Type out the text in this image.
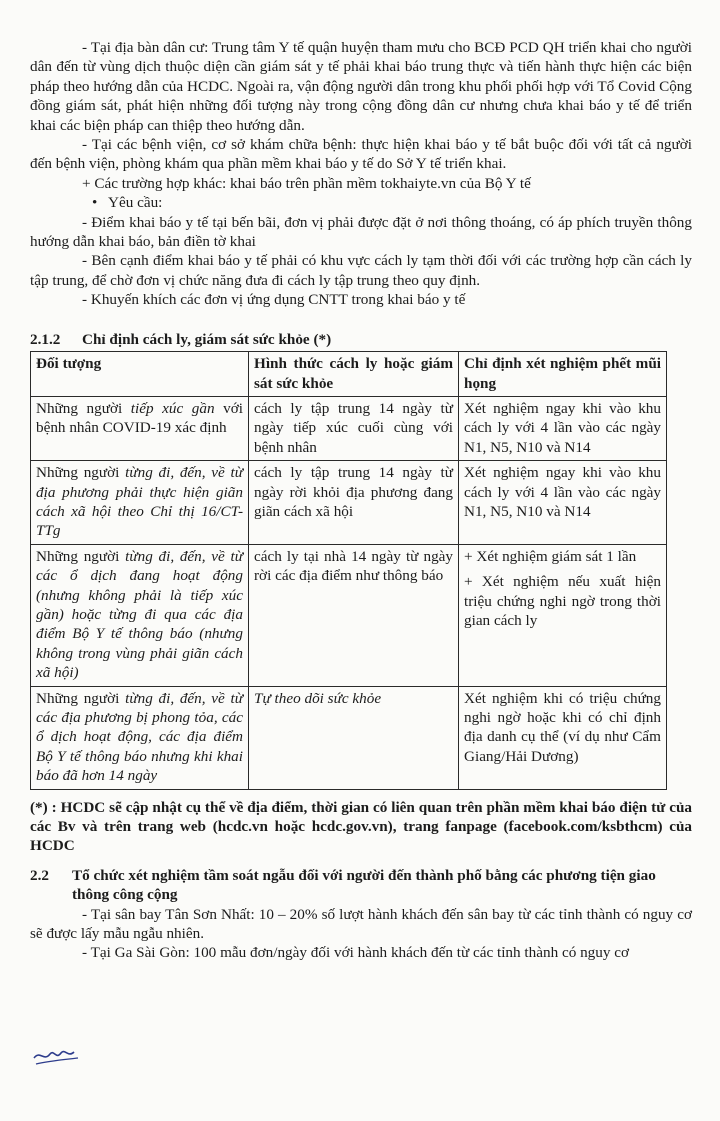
- Tại địa bàn dân cư: Trung tâm Y tế quận huyện tham mưu cho BCĐ PCD QH triển khai cho người dân đến từ vùng dịch thuộc diện cần giám sát y tế phải khai báo trung thực và tiến hành thực hiện các biện pháp theo hướng dẫn của HCDC. Ngoài ra, vận động người dân trong khu phối phối hợp với Tổ Covid Cộng đồng giám sát, phát hiện những đối tượng này trong cộng đồng dân cư nhưng chưa khai báo y tế để triển khai các biện pháp can thiệp theo hướng dẫn.

- Tại các bệnh viện, cơ sở khám chữa bệnh: thực hiện khai báo y tế bắt buộc đối với tất cả người đến bệnh viện, phòng khám qua phần mềm khai báo y tế do Sở Y tế triển khai.

+ Các trường hợp khác: khai báo trên phần mềm tokhaiyte.vn của Bộ Y tế

• Yêu cầu:

- Điểm khai báo y tế tại bến bãi, đơn vị phải được đặt ở nơi thông thoáng, có áp phích truyền thông hướng dẫn khai báo, bản điền tờ khai

- Bên cạnh điểm khai báo y tế phải có khu vực cách ly tạm thời đối với các trường hợp cần cách ly tập trung, để chờ đơn vị chức năng đưa đi cách ly tập trung theo quy định.

- Khuyến khích các đơn vị ứng dụng CNTT trong khai báo y tế

2.1.2 Chỉ định cách ly, giám sát sức khỏe (*)

Đối tượng	Hình thức cách ly hoặc giám sát sức khỏe	Chỉ định xét nghiệm phết mũi họng
Những người tiếp xúc gần với bệnh nhân COVID-19 xác định	cách ly tập trung 14 ngày từ ngày tiếp xúc cuối cùng với bệnh nhân	Xét nghiệm ngay khi vào khu cách ly với 4 lần vào các ngày N1, N5, N10 và N14

Những người từng đi, đến, về từ địa phương phải thực hiện giãn cách xã hội theo Chỉ thị 16/CT-TTg	cách ly tập trung 14 ngày từ ngày rời khỏi địa phương đang giãn cách xã hội	Xét nghiệm ngay khi vào khu cách ly với 4 lần vào các ngày N1, N5, N10 và N14

Những người từng đi, đến, về từ các ổ dịch đang hoạt động (nhưng không phải là tiếp xúc gần) hoặc từng đi qua các địa điểm Bộ Y tế thông báo (nhưng không trong vùng phải giãn cách xã hội)	cách ly tại nhà 14 ngày từ ngày rời các địa điểm như thông báo	+ Xét nghiệm giám sát 1 lần
+ Xét nghiệm nếu xuất hiện triệu chứng nghi ngờ trong thời gian cách ly

Những người từng đi, đến, về từ các địa phương bị phong tỏa, các ổ dịch hoạt động, các địa điểm Bộ Y tế thông báo nhưng khi khai báo đã hơn 14 ngày	Tự theo dõi sức khỏe	Xét nghiệm khi có triệu chứng nghi ngờ hoặc khi có chỉ định địa danh cụ thể (ví dụ như Cẩm Giang/Hải Dương)

(*) : HCDC sẽ cập nhật cụ thể về địa điểm, thời gian có liên quan trên phần mềm khai báo điện tử của các Bv và trên trang web (hcdc.vn hoặc hcdc.gov.vn), trang fanpage (facebook.com/ksbthcm) của HCDC

2.2	Tổ chức xét nghiệm tầm soát ngẫu đối với người đến thành phố bằng các phương tiện giao thông công cộng

- Tại sân bay Tân Sơn Nhất: 10 – 20% số lượt hành khách đến sân bay từ các tỉnh thành có nguy cơ sẽ được lấy mẫu ngẫu nhiên.

- Tại Ga Sài Gòn: 100 mẫu đơn/ngày đối với hành khách đến từ các tỉnh thành có nguy cơ
